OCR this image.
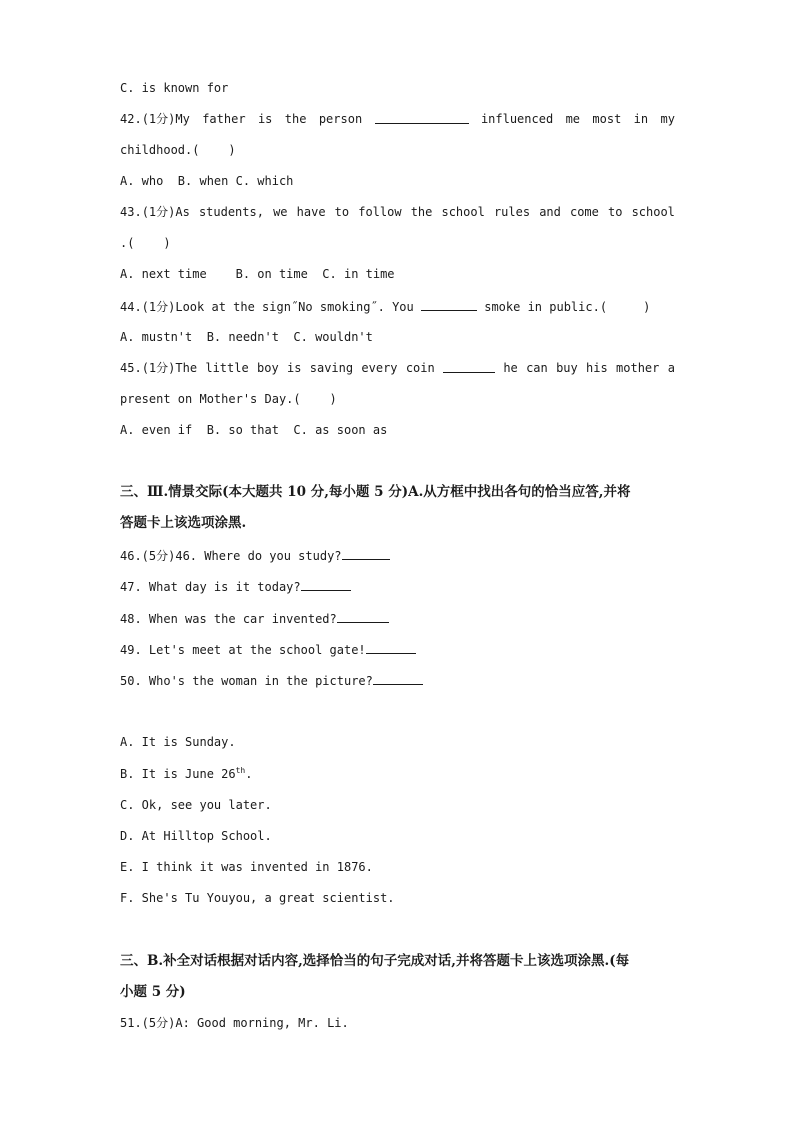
C. is known for
42.(1分)My father is the person	influenced me most in my
childhood.(    )
A. who  B. when C. which
43.(1分)As students, we have to follow the school rules and come to school
.(    )
A. next time    B. on time  C. in time
44.(1分)Look at the sign˝No smoking˝. You	smoke in public.(     )
A. mustn't  B. needn't  C. wouldn't
45.(1分)The little boy is saving every coin	he can buy his mother a
present on Mother's Day.(    )
A. even if  B. so that  C. as soon as
三、Ⅲ.情景交际(本大题共 10 分,每小题 5 分)A.从方框中找出各句的恰当应答,并将
答题卡上该选项涂黑.
46.(5分)46. Where do you study?
47. What day is it today?
48. When was the car invented?
49. Let's meet at the school gate!
50. Who's the woman in the picture?
A. It is Sunday.
B. It is June 26th.
C. Ok, see you later.
D. At Hilltop School.
E. I think it was invented in 1876.
F. She's Tu Youyou, a great scientist.
三、B.补全对话根据对话内容,选择恰当的句子完成对话,并将答题卡上该选项涂黑.(每
小题 5 分)
51.(5分)A: Good morning, Mr. Li.
